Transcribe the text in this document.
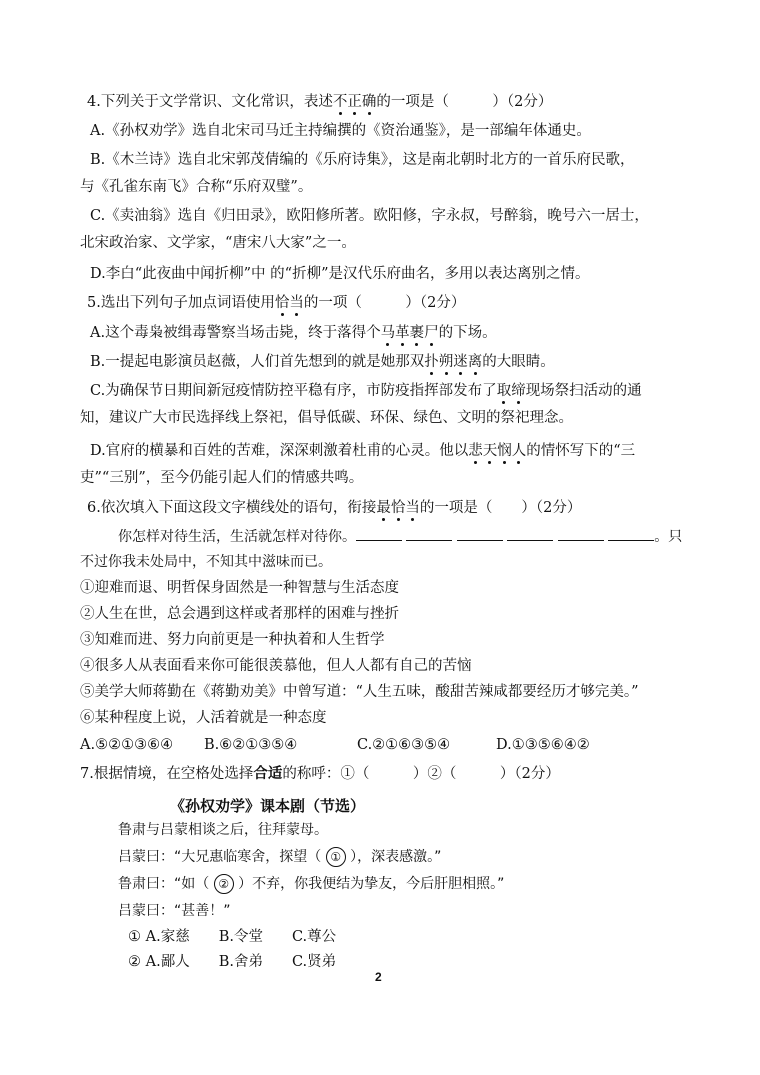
4.下列关于文学常识、文化常识，表述不正确的一项是（　　　）（2分）
A.《孙权劝学》选自北宋司马迁主持编撰的《资治通鉴》，是一部编年体通史。
B.《木兰诗》选自北宋郭茂倩编的《乐府诗集》，这是南北朝时北方的一首乐府民歌，
与《孔雀东南飞》合称“乐府双璧”。
C.《卖油翁》选自《归田录》，欧阳修所著。欧阳修，字永叔，号醉翁，晚号六一居士，
北宋政治家、文学家，“唐宋八大家”之一。
D.李白“此夜曲中闻折柳”中 的“折柳”是汉代乐府曲名，多用以表达离别之情。
5.选出下列句子加点词语使用恰当的一项（　　　）（2分）
A.这个毒枭被缉毒警察当场击毙，终于落得个马革裹尸的下场。
B.一提起电影演员赵薇，人们首先想到的就是她那双扑朔迷离的大眼睛。
C.为确保节日期间新冠疫情防控平稳有序，市防疫指挥部发布了取缔现场祭扫活动的通
知，建议广大市民选择线上祭祀，倡导低碳、环保、绿色、文明的祭祀理念。
D.官府的横暴和百姓的苦难，深深刺激着杜甫的心灵。他以悲天悯人的情怀写下的“三
吏”“三别”，至今仍能引起人们的情感共鸣。
6.依次填入下面这段文字横线处的语句，衔接最恰当的一项是（　　）（2分）
你怎样对待生活，生活就怎样对待你。	。只
不过你我未处局中，不知其中滋味而已。
①迎难而退、明哲保身固然是一种智慧与生活态度
②人生在世，总会遇到这样或者那样的困难与挫折
③知难而进、努力向前更是一种执着和人生哲学
④很多人从表面看来你可能很羡慕他，但人人都有自己的苦恼
⑤美学大师蒋勤在《蒋勤劝美》中曾写道：“人生五味，酸甜苦辣咸都要经历才够完美。”
⑥某种程度上说，人活着就是一种态度
A.⑤②①③⑥④ B.⑥②①③⑤④	C.②①⑥③⑤④	D.①③⑤⑥④②
7.根据情境，在空格处选择合适的称呼：①（　　　）②（　　　）（2分）
《孙权劝学》课本剧（节选）
鲁肃与吕蒙相谈之后，往拜蒙母。
吕蒙曰：“大兄惠临寒舍，探望（ ① ），深表感激。”
鲁肃曰：“如（ ② ）不弃，你我便结为挚友，今后肝胆相照。”
吕蒙曰：“甚善！”
① A.家慈　　B.令堂　　C.尊公
② A.鄙人　　B.舍弟　　C.贤弟
2
